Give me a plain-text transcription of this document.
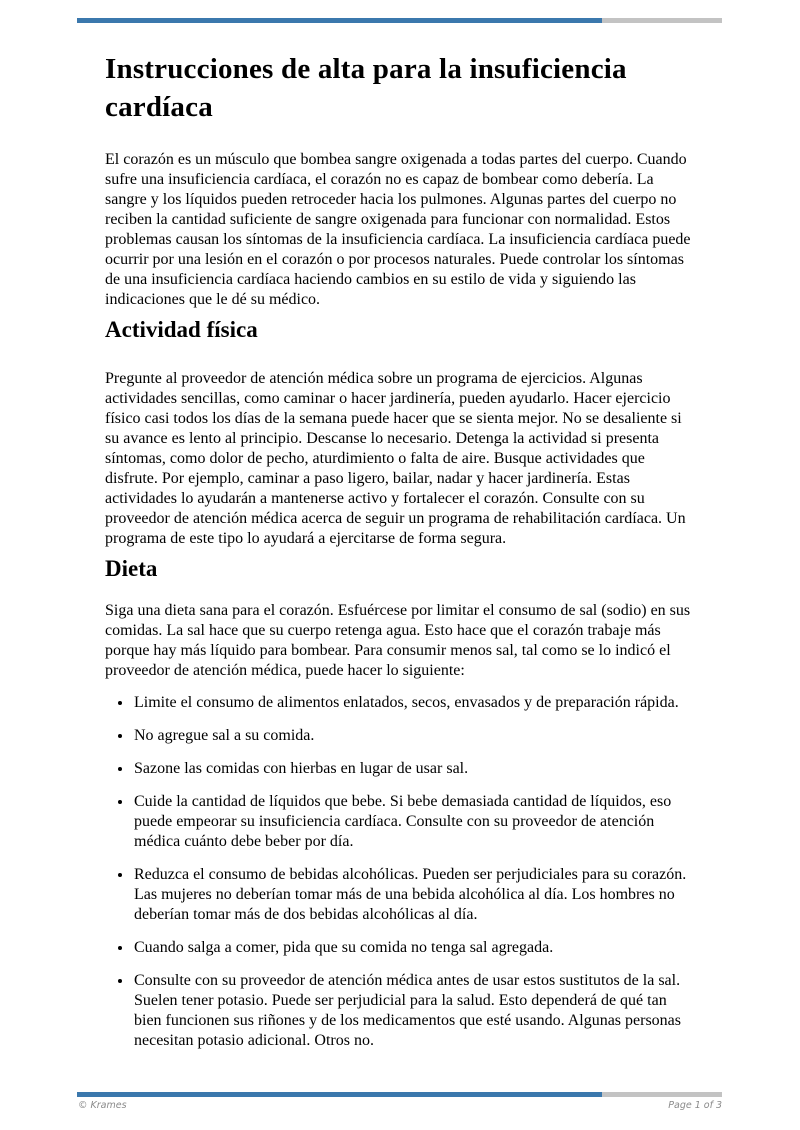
Instrucciones de alta para la insuficiencia cardíaca

El corazón es un músculo que bombea sangre oxigenada a todas partes del cuerpo. Cuando sufre una insuficiencia cardíaca, el corazón no es capaz de bombear como debería. La sangre y los líquidos pueden retroceder hacia los pulmones. Algunas partes del cuerpo no reciben la cantidad suficiente de sangre oxigenada para funcionar con normalidad. Estos problemas causan los síntomas de la insuficiencia cardíaca. La insuficiencia cardíaca puede ocurrir por una lesión en el corazón o por procesos naturales. Puede controlar los síntomas de una insuficiencia cardíaca haciendo cambios en su estilo de vida y siguiendo las indicaciones que le dé su médico.

Actividad física

Pregunte al proveedor de atención médica sobre un programa de ejercicios. Algunas actividades sencillas, como caminar o hacer jardinería, pueden ayudarlo. Hacer ejercicio físico casi todos los días de la semana puede hacer que se sienta mejor. No se desaliente si su avance es lento al principio. Descanse lo necesario. Detenga la actividad si presenta síntomas, como dolor de pecho, aturdimiento o falta de aire. Busque actividades que disfrute. Por ejemplo, caminar a paso ligero, bailar, nadar y hacer jardinería. Estas actividades lo ayudarán a mantenerse activo y fortalecer el corazón. Consulte con su proveedor de atención médica acerca de seguir un programa de rehabilitación cardíaca. Un programa de este tipo lo ayudará a ejercitarse de forma segura.

Dieta

Siga una dieta sana para el corazón. Esfuércese por limitar el consumo de sal (sodio) en sus comidas. La sal hace que su cuerpo retenga agua. Esto hace que el corazón trabaje más porque hay más líquido para bombear. Para consumir menos sal, tal como se lo indicó el proveedor de atención médica, puede hacer lo siguiente:

• Limite el consumo de alimentos enlatados, secos, envasados y de preparación rápida.
• No agregue sal a su comida.
• Sazone las comidas con hierbas en lugar de usar sal.
• Cuide la cantidad de líquidos que bebe. Si bebe demasiada cantidad de líquidos, eso puede empeorar su insuficiencia cardíaca. Consulte con su proveedor de atención médica cuánto debe beber por día.
• Reduzca el consumo de bebidas alcohólicas. Pueden ser perjudiciales para su corazón. Las mujeres no deberían tomar más de una bebida alcohólica al día. Los hombres no deberían tomar más de dos bebidas alcohólicas al día.
• Cuando salga a comer, pida que su comida no tenga sal agregada.
• Consulte con su proveedor de atención médica antes de usar estos sustitutos de la sal. Suelen tener potasio. Puede ser perjudicial para la salud. Esto dependerá de qué tan bien funcionen sus riñones y de los medicamentos que esté usando. Algunas personas necesitan potasio adicional. Otros no.
© Krames	Page 1 of 3
